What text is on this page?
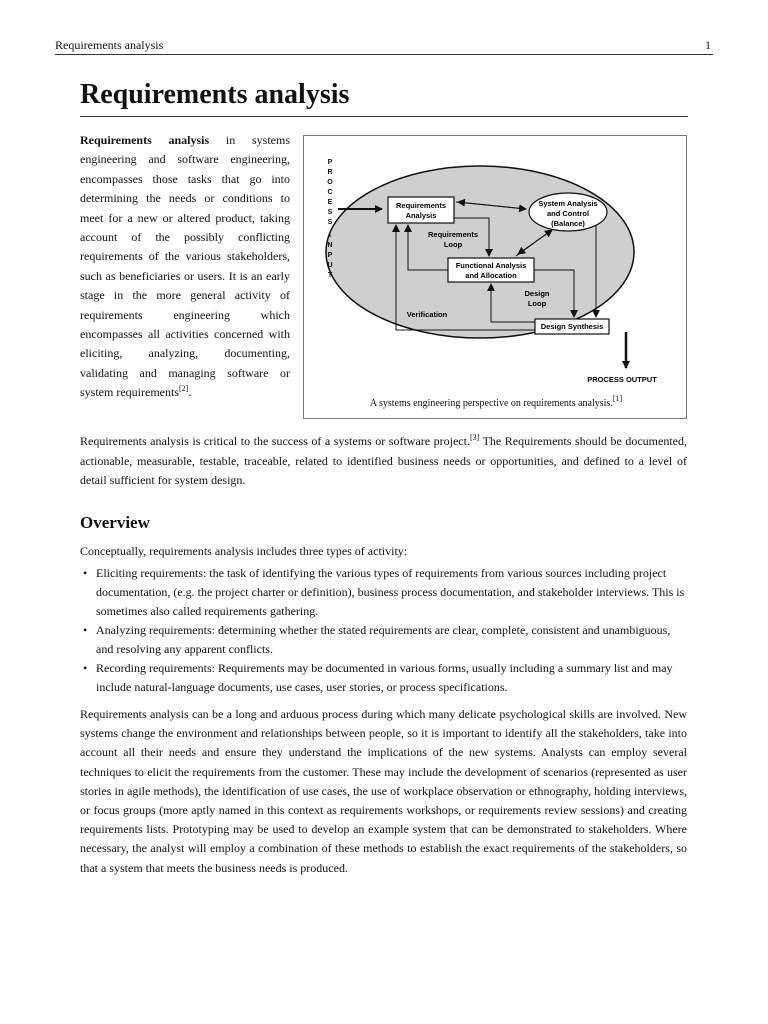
Requirements analysis	1
Requirements analysis

Requirements analysis in systems engineering and software engineering, encompasses those tasks that go into determining the needs or conditions to meet for a new or altered product, taking account of the possibly conflicting requirements of the various stakeholders, such as beneficiaries or users. It is an early stage in the more general activity of requirements engineering which encompasses all activities concerned with eliciting, analyzing, documenting, validating and managing software or system requirements[2].

P
R
O
C
E
S
S
I
N
P
U
T
Requirements
Analysis
System Analysis
and Control
(Balance)
Requirements
Loop
Functional Analysis
and Allocation
Design
Loop
Verification
Design Synthesis
PROCESS OUTPUT
A systems engineering perspective on requirements analysis.[1]

Requirements analysis is critical to the success of a systems or software project.[3] The Requirements should be documented, actionable, measurable, testable, traceable, related to identified business needs or opportunities, and defined to a level of detail sufficient for system design.

Overview

Conceptually, requirements analysis includes three types of activity:

• Eliciting requirements: the task of identifying the various types of requirements from various sources including project documentation, (e.g. the project charter or definition), business process documentation, and stakeholder interviews. This is sometimes also called requirements gathering.
• Analyzing requirements: determining whether the stated requirements are clear, complete, consistent and unambiguous, and resolving any apparent conflicts.
• Recording requirements: Requirements may be documented in various forms, usually including a summary list and may include natural-language documents, use cases, user stories, or process specifications.

Requirements analysis can be a long and arduous process during which many delicate psychological skills are involved. New systems change the environment and relationships between people, so it is important to identify all the stakeholders, take into account all their needs and ensure they understand the implications of the new systems. Analysts can employ several techniques to elicit the requirements from the customer. These may include the development of scenarios (represented as user stories in agile methods), the identification of use cases, the use of workplace observation or ethnography, holding interviews, or focus groups (more aptly named in this context as requirements workshops, or requirements review sessions) and creating requirements lists. Prototyping may be used to develop an example system that can be demonstrated to stakeholders. Where necessary, the analyst will employ a combination of these methods to establish the exact requirements of the stakeholders, so that a system that meets the business needs is produced.
